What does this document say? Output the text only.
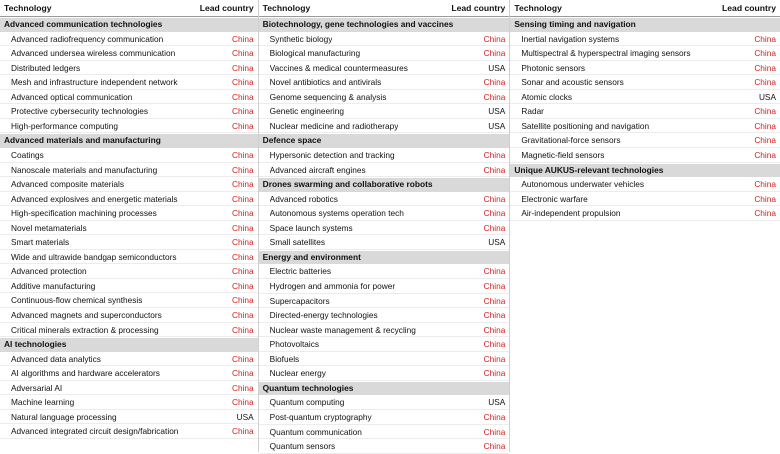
Technology	Lead country
Advanced communication technologies
Advanced radiofrequency communication	China
Advanced undersea wireless communication	China
Distributed ledgers	China
Mesh and infrastructure independent network	China
Advanced optical communication	China
Protective cybersecurity technologies	China
High-performance computing	China
Advanced materials and manufacturing
Coatings	China
Nanoscale materials and manufacturing	China
Advanced composite materials	China
Advanced explosives and energetic materials	China
High-specification machining processes	China
Novel metamaterials	China
Smart materials	China
Wide and ultrawide bandgap semiconductors	China
Advanced protection	China
Additive manufacturing	China
Continuous-flow chemical synthesis	China
Advanced magnets and superconductors	China
Critical minerals extraction & processing	China
AI technologies
Advanced data analytics	China
AI algorithms and hardware accelerators	China
Adversarial AI	China
Machine learning	China
Natural language processing	USA
Advanced integrated circuit design/fabrication	China
Technology	Lead country
Biotechnology, gene technologies and vaccines
Synthetic biology	China
Biological manufacturing	China
Vaccines & medical countermeasures	USA
Novel antibiotics and antivirals	China
Genome sequencing & analysis	China
Genetic engineering	USA
Nuclear medicine and radiotherapy	USA
Defence space
Hypersonic detection and tracking	China
Advanced aircraft engines	China
Drones swarming and collaborative robots
Advanced robotics	China
Autonomous systems operation tech	China
Space launch systems	China
Small satellites	USA
Energy and environment
Electric batteries	China
Hydrogen and ammonia for power	China
Supercapacitors	China
Directed-energy technologies	China
Nuclear waste management & recycling	China
Photovoltaics	China
Biofuels	China
Nuclear energy	China
Quantum technologies
Quantum computing	USA
Post-quantum cryptography	China
Quantum communication	China
Quantum sensors	China
Technology	Lead country
Sensing timing and navigation
Inertial navigation systems	China
Multispectral & hyperspectral imaging sensors	China
Photonic sensors	China
Sonar and acoustic sensors	China
Atomic clocks	USA
Radar	China
Satellite positioning and navigation	China
Gravitational-force sensors	China
Magnetic-field sensors	China
Unique AUKUS-relevant technologies
Autonomous underwater vehicles	China
Electronic warfare	China
Air-independent propulsion	China
